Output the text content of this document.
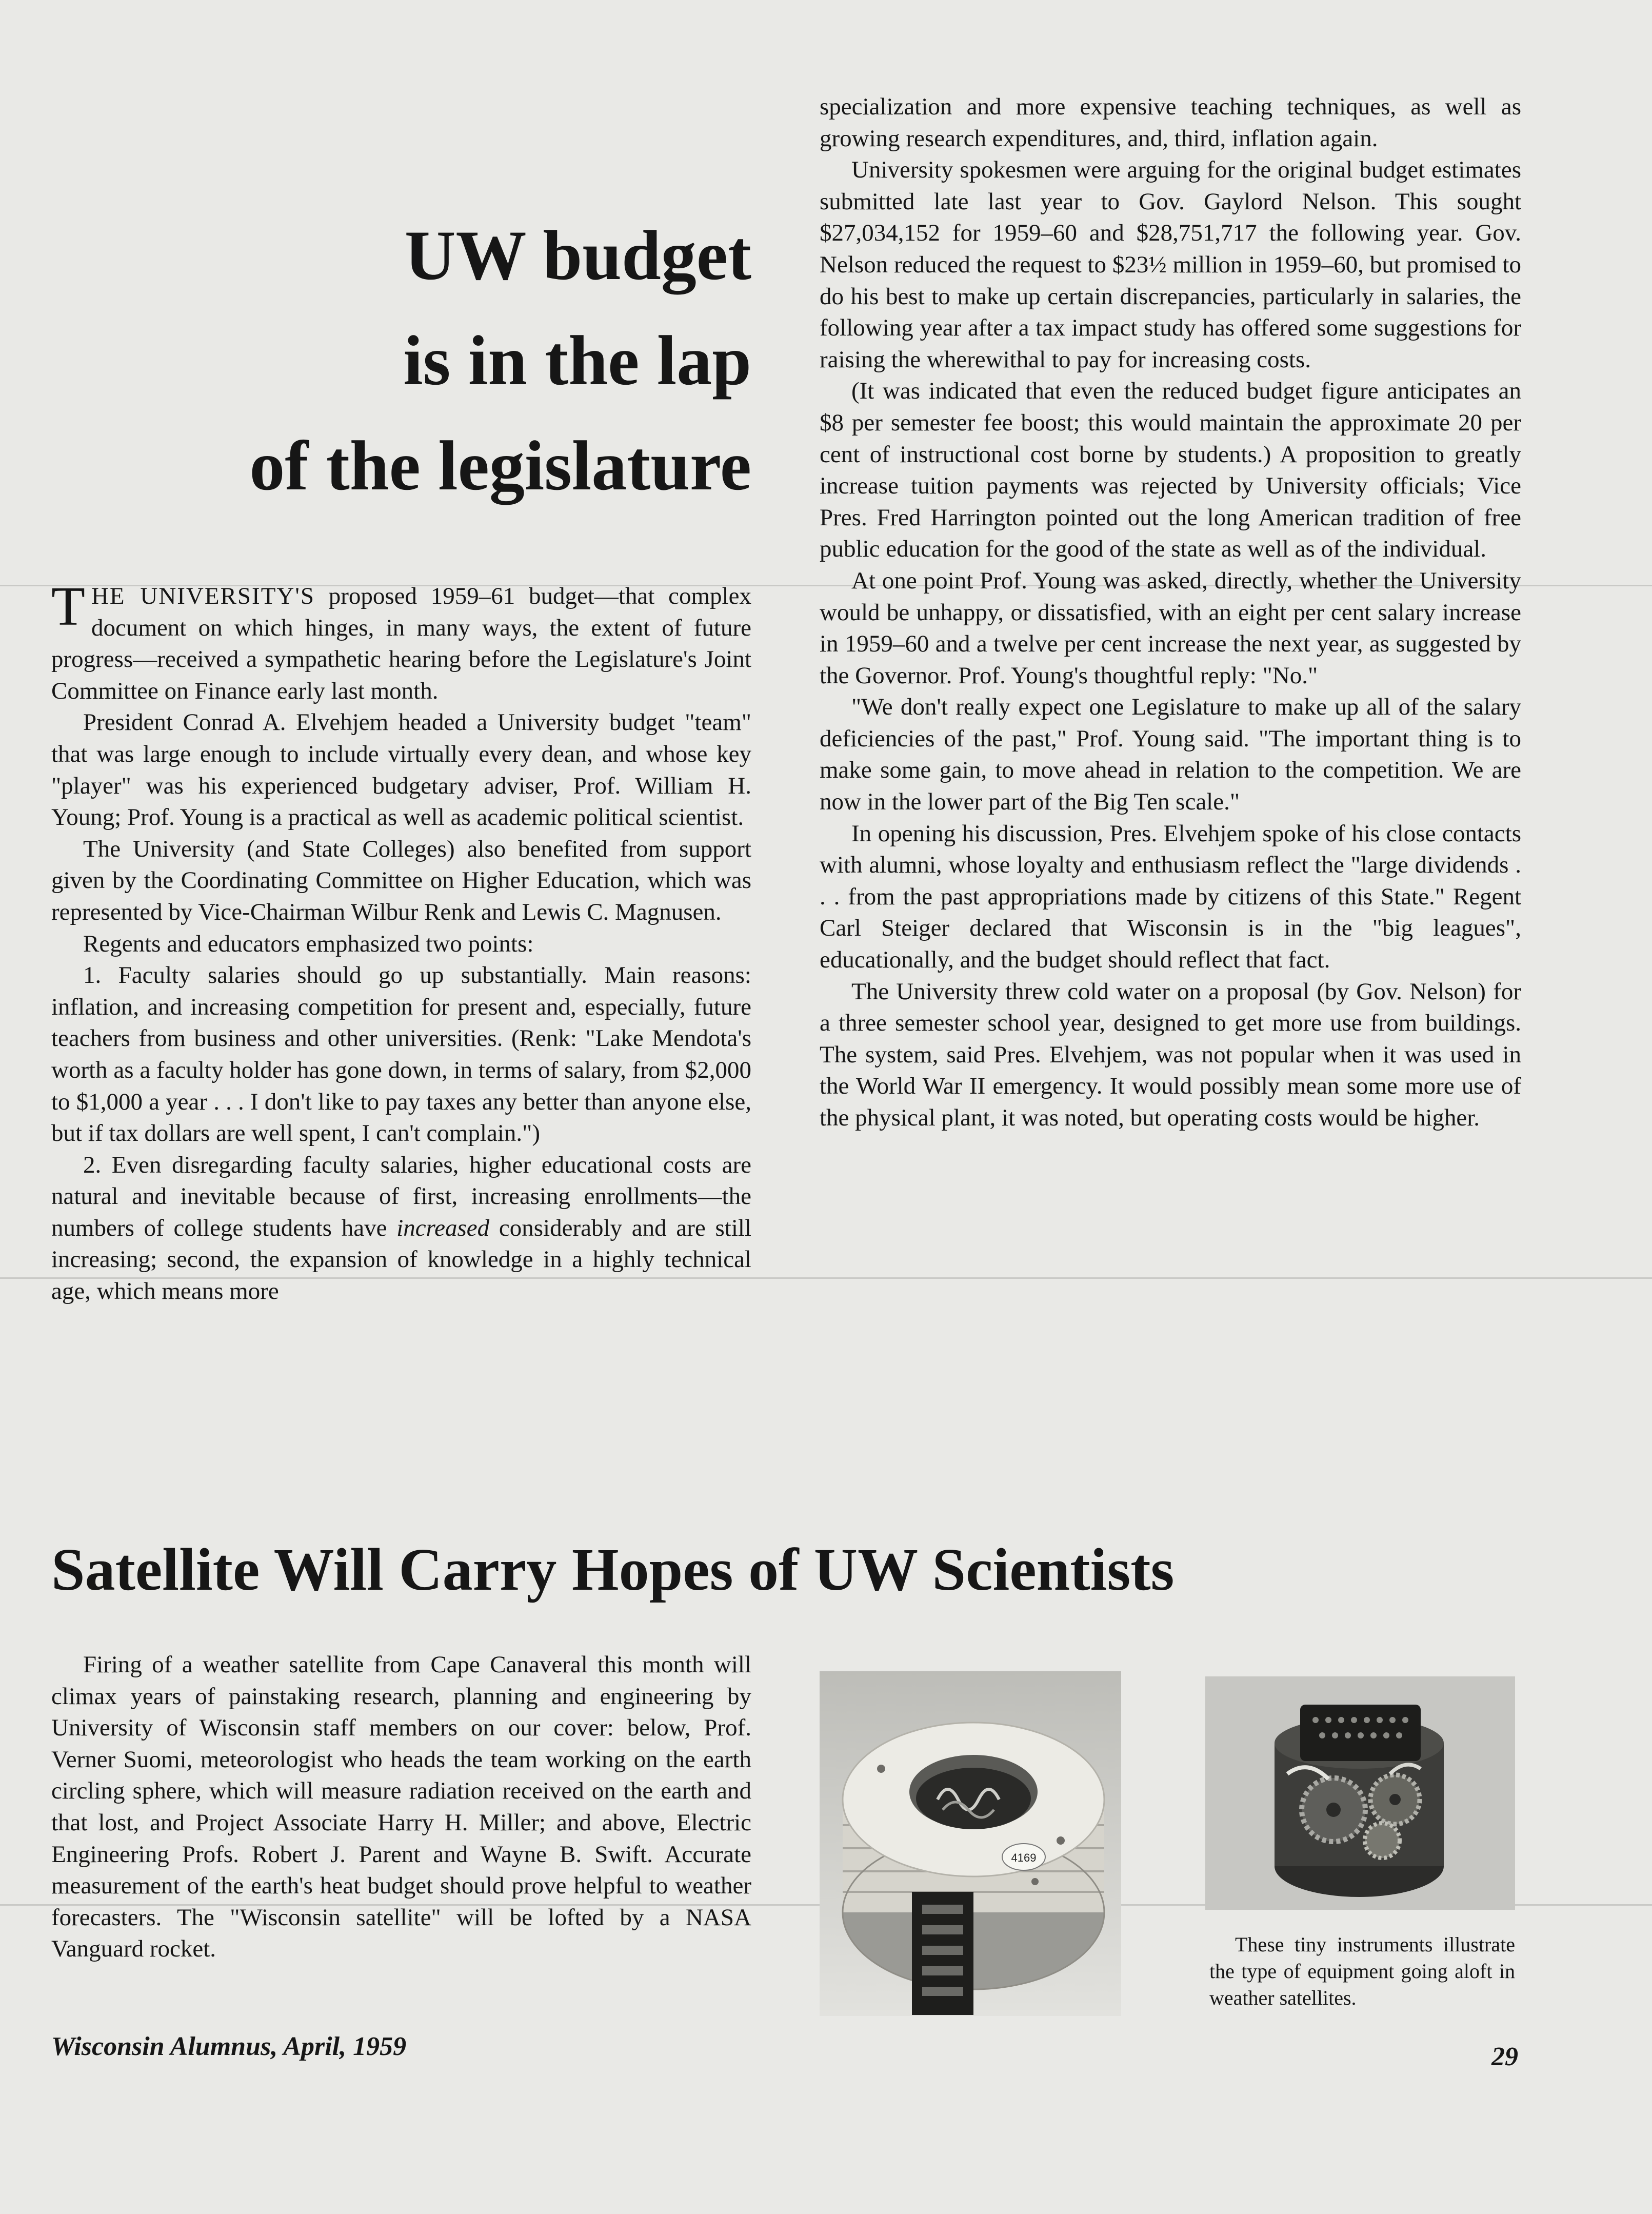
UW budget
is in the lap
of the legislature

THE UNIVERSITY'S proposed 1959–61 budget—that complex document on which hinges, in many ways, the extent of future progress—received a sympathetic hearing before the Legislature's Joint Committee on Finance early last month.

President Conrad A. Elvehjem headed a University budget "team" that was large enough to include virtually every dean, and whose key "player" was his experienced budgetary adviser, Prof. William H. Young; Prof. Young is a practical as well as academic political scientist.

The University (and State Colleges) also benefited from support given by the Coordinating Committee on Higher Education, which was represented by Vice-Chairman Wilbur Renk and Lewis C. Magnusen.

Regents and educators emphasized two points:

1. Faculty salaries should go up substantially. Main reasons: inflation, and increasing competition for present and, especially, future teachers from business and other universities. (Renk: "Lake Mendota's worth as a faculty holder has gone down, in terms of salary, from $2,000 to $1,000 a year . . . I don't like to pay taxes any better than anyone else, but if tax dollars are well spent, I can't complain.")

2. Even disregarding faculty salaries, higher educational costs are natural and inevitable because of first, increasing enrollments—the numbers of college students have increased considerably and are still increasing; second, the expansion of knowledge in a highly technical age, which means more

specialization and more expensive teaching techniques, as well as growing research expenditures, and, third, inflation again.

University spokesmen were arguing for the original budget estimates submitted late last year to Gov. Gaylord Nelson. This sought $27,034,152 for 1959–60 and $28,751,717 the following year. Gov. Nelson reduced the request to $23½ million in 1959–60, but promised to do his best to make up certain discrepancies, particularly in salaries, the following year after a tax impact study has offered some suggestions for raising the wherewithal to pay for increasing costs.

(It was indicated that even the reduced budget figure anticipates an $8 per semester fee boost; this would maintain the approximate 20 per cent of instructional cost borne by students.) A proposition to greatly increase tuition payments was rejected by University officials; Vice Pres. Fred Harrington pointed out the long American tradition of free public education for the good of the state as well as of the individual.

At one point Prof. Young was asked, directly, whether the University would be unhappy, or dissatisfied, with an eight per cent salary increase in 1959–60 and a twelve per cent increase the next year, as suggested by the Governor. Prof. Young's thoughtful reply: "No."

"We don't really expect one Legislature to make up all of the salary deficiencies of the past," Prof. Young said. "The important thing is to make some gain, to move ahead in relation to the competition. We are now in the lower part of the Big Ten scale."

In opening his discussion, Pres. Elvehjem spoke of his close contacts with alumni, whose loyalty and enthusiasm reflect the "large dividends . . . from the past appropriations made by citizens of this State." Regent Carl Steiger declared that Wisconsin is in the "big leagues", educationally, and the budget should reflect that fact.

The University threw cold water on a proposal (by Gov. Nelson) for a three semester school year, designed to get more use from buildings. The system, said Pres. Elvehjem, was not popular when it was used in the World War II emergency. It would possibly mean some more use of the physical plant, it was noted, but operating costs would be higher.

Satellite Will Carry Hopes of UW Scientists

Firing of a weather satellite from Cape Canaveral this month will climax years of painstaking research, planning and engineering by University of Wisconsin staff members on our cover: below, Prof. Verner Suomi, meteorologist who heads the team working on the earth circling sphere, which will measure radiation received on the earth and that lost, and Project Associate Harry H. Miller; and above, Electric Engineering Profs. Robert J. Parent and Wayne B. Swift. Accurate measurement of the earth's heat budget should prove helpful to weather forecasters. The "Wisconsin satellite" will be lofted by a NASA Vanguard rocket.

4169

These tiny instruments illustrate the type of equipment going aloft in weather satellites.

Wisconsin Alumnus, April, 1959	29
